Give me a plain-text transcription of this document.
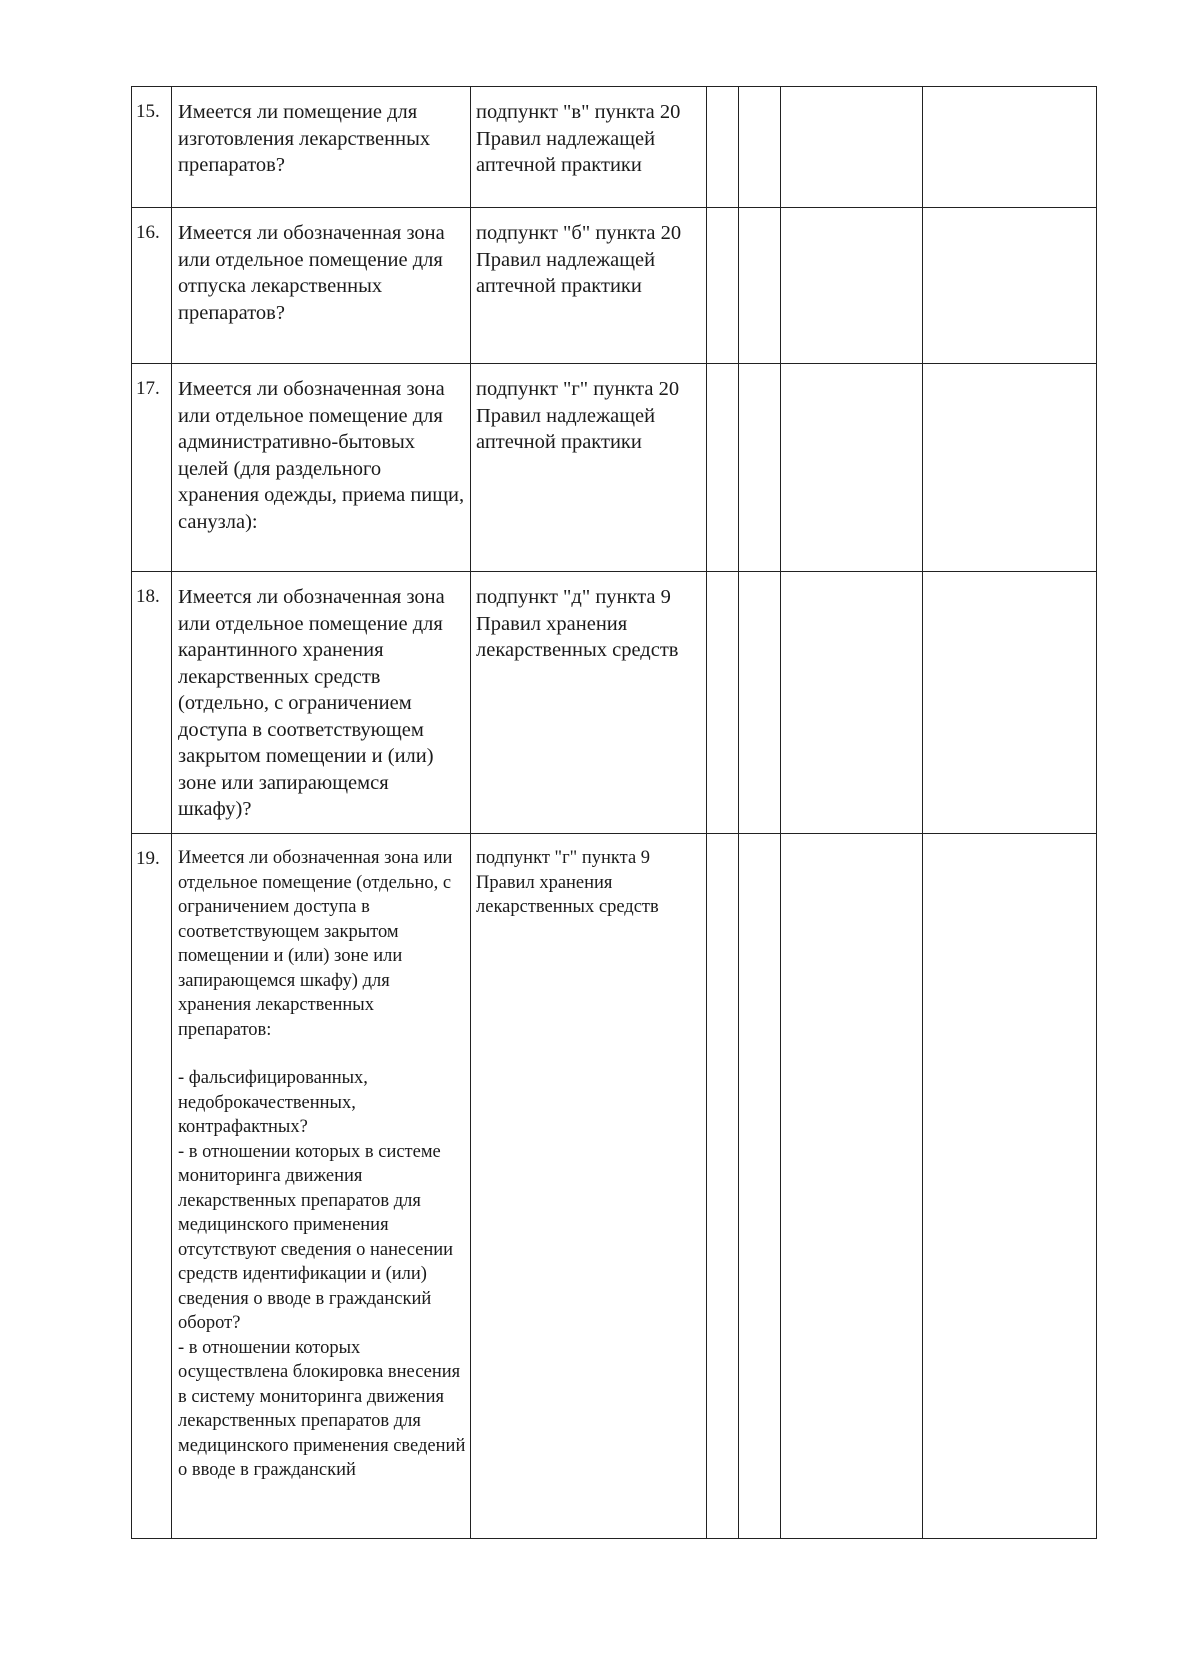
15.	Имеется ли помещение для изготовления лекарственных препаратов?	подпункт "в" пункта 20 Правил надлежащей аптечной практики				
16.	Имеется ли обозначенная зона или отдельное помещение для отпуска лекарственных препаратов?	подпункт "б" пункта 20 Правил надлежащей аптечной практики				
17.	Имеется ли обозначенная зона или отдельное помещение для административно-бытовых целей (для раздельного хранения одежды, приема пищи, санузла):	подпункт "г" пункта 20 Правил надлежащей аптечной практики				
18.	Имеется ли обозначенная зона или отдельное помещение для карантинного хранения лекарственных средств (отдельно, с ограничением доступа в соответствующем закрытом помещении и (или) зоне или запирающемся шкафу)?	подпункт "д" пункта 9 Правил хранения лекарственных средств				
19.	Имеется ли обозначенная зона или отдельное помещение (отдельно, с ограничением доступа в соответствующем закрытом помещении и (или) зоне или запирающемся шкафу) для хранения лекарственных препаратов:
- фальсифицированных, недоброкачественных, контрафактных?
- в отношении которых в системе мониторинга движения лекарственных препаратов для медицинского применения отсутствуют сведения о нанесении средств идентификации и (или) сведения о вводе в гражданский оборот?
- в отношении которых осуществлена блокировка внесения в систему мониторинга движения лекарственных препаратов для медицинского применения сведений о вводе в гражданский	подпункт "г" пункта 9 Правил хранения лекарственных средств				
